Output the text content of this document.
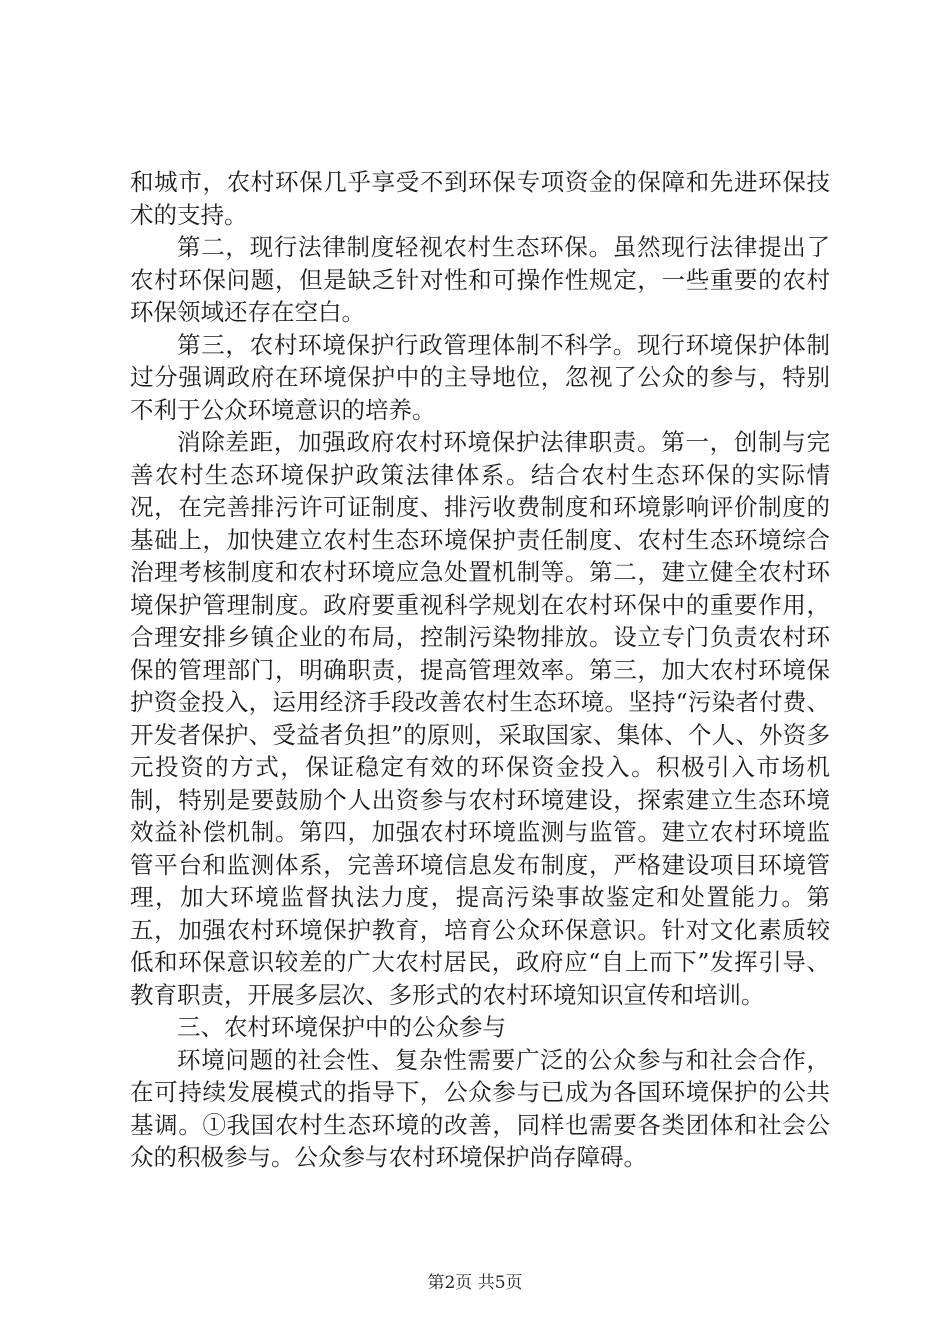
和城市，农村环保几乎享受不到环保专项资金的保障和先进环保技术的支持。

第二，现行法律制度轻视农村生态环保。虽然现行法律提出了农村环保问题，但是缺乏针对性和可操作性规定，一些重要的农村环保领域还存在空白。

第三，农村环境保护行政管理体制不科学。现行环境保护体制过分强调政府在环境保护中的主导地位，忽视了公众的参与，特别不利于公众环境意识的培养。

消除差距，加强政府农村环境保护法律职责。第一，创制与完善农村生态环境保护政策法律体系。结合农村生态环保的实际情况，在完善排污许可证制度、排污收费制度和环境影响评价制度的基础上，加快建立农村生态环境保护责任制度、农村生态环境综合治理考核制度和农村环境应急处置机制等。第二，建立健全农村环境保护管理制度。政府要重视科学规划在农村环保中的重要作用，合理安排乡镇企业的布局，控制污染物排放。设立专门负责农村环保的管理部门，明确职责，提高管理效率。第三，加大农村环境保护资金投入，运用经济手段改善农村生态环境。坚持“污染者付费、开发者保护、受益者负担”的原则，采取国家、集体、个人、外资多元投资的方式，保证稳定有效的环保资金投入。积极引入市场机制，特别是要鼓励个人出资参与农村环境建设，探索建立生态环境效益补偿机制。第四，加强农村环境监测与监管。建立农村环境监管平台和监测体系，完善环境信息发布制度，严格建设项目环境管理，加大环境监督执法力度，提高污染事故鉴定和处置能力。第五，加强农村环境保护教育，培育公众环保意识。针对文化素质较低和环保意识较差的广大农村居民，政府应“自上而下”发挥引导、教育职责，开展多层次、多形式的农村环境知识宣传和培训。

三、农村环境保护中的公众参与

环境问题的社会性、复杂性需要广泛的公众参与和社会合作，在可持续发展模式的指导下，公众参与已成为各国环境保护的公共基调。①我国农村生态环境的改善，同样也需要各类团体和社会公众的积极参与。公众参与农村环境保护尚存障碍。

第2页 共5页
